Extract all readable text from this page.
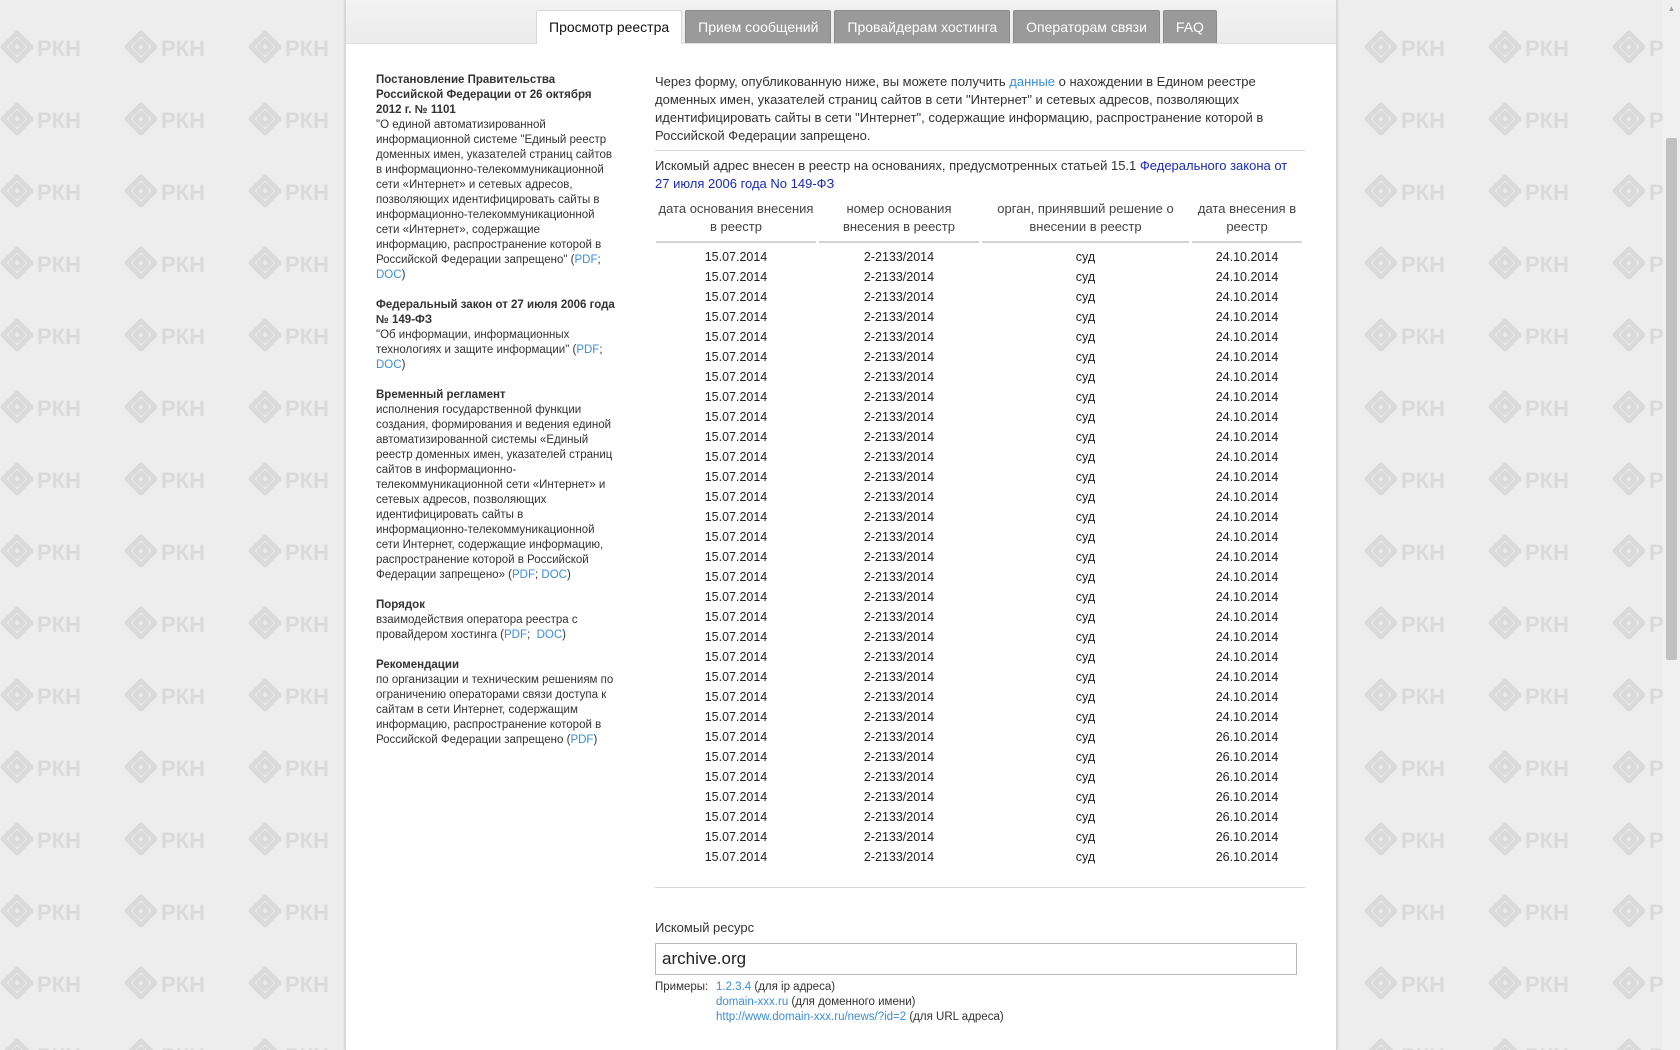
Просмотр реестра	Прием сообщений	Провайдерам хостинга	Операторам связи	FAQ
Постановление Правительства Российской Федерации от 26 октября 2012 г. № 1101
"О единой автоматизированной информационной системе "Единый реестр доменных имен, указателей страниц сайтов в информационно-телекоммуникационной сети «Интернет» и сетевых адресов, позволяющих идентифицировать сайты в информационно-телекоммуникационной сети «Интернет», содержащие информацию, распространение которой в Российской Федерации запрещено" (PDF; DOC)
Федеральный закон от 27 июля 2006 года № 149-ФЗ
"Об информации, информационных технологиях и защите информации" (PDF; DOC)
Временный регламент
исполнения государственной функции создания, формирования и ведения единой автоматизированной системы «Единый реестр доменных имен, указателей страниц сайтов в информационно-телекоммуникационной сети «Интернет» и сетевых адресов, позволяющих идентифицировать сайты в информационно-телекоммуникационной сети Интернет, содержащие информацию, распространение которой в Российской Федерации запрещено» (PDF; DOC)
Порядок
взаимодействия оператора реестра с провайдером хостинга (PDF;  DOC)
Рекомендации
по организации и техническим решениям по ограничению операторами связи доступа к сайтам в сети Интернет, содержащим информацию, распространение которой в Российской Федерации запрещено (PDF)

Через форму, опубликованную ниже, вы можете получить данные о нахождении в Едином реестре доменных имен, указателей страниц сайтов в сети "Интернет" и сетевых адресов, позволяющих идентифицировать сайты в сети "Интернет", содержащие информацию, распространение которой в Российской Федерации запрещено.

Искомый адрес внесен в реестр на основаниях, предусмотренных статьей 15.1 Федерального закона от 27 июля 2006 года No 149-ФЗ

дата основания внесения в реестр	номер основания внесения в реестр	орган, принявший решение о внесении в реестр	дата внесения в реестр
15.07.2014	2-2133/2014	суд	24.10.2014
15.07.2014	2-2133/2014	суд	24.10.2014
15.07.2014	2-2133/2014	суд	24.10.2014
15.07.2014	2-2133/2014	суд	24.10.2014
15.07.2014	2-2133/2014	суд	24.10.2014
15.07.2014	2-2133/2014	суд	24.10.2014
15.07.2014	2-2133/2014	суд	24.10.2014
15.07.2014	2-2133/2014	суд	24.10.2014
15.07.2014	2-2133/2014	суд	24.10.2014
15.07.2014	2-2133/2014	суд	24.10.2014
15.07.2014	2-2133/2014	суд	24.10.2014
15.07.2014	2-2133/2014	суд	24.10.2014
15.07.2014	2-2133/2014	суд	24.10.2014
15.07.2014	2-2133/2014	суд	24.10.2014
15.07.2014	2-2133/2014	суд	24.10.2014
15.07.2014	2-2133/2014	суд	24.10.2014
15.07.2014	2-2133/2014	суд	24.10.2014
15.07.2014	2-2133/2014	суд	24.10.2014
15.07.2014	2-2133/2014	суд	24.10.2014
15.07.2014	2-2133/2014	суд	24.10.2014
15.07.2014	2-2133/2014	суд	24.10.2014
15.07.2014	2-2133/2014	суд	24.10.2014
15.07.2014	2-2133/2014	суд	24.10.2014
15.07.2014	2-2133/2014	суд	24.10.2014
15.07.2014	2-2133/2014	суд	26.10.2014
15.07.2014	2-2133/2014	суд	26.10.2014
15.07.2014	2-2133/2014	суд	26.10.2014
15.07.2014	2-2133/2014	суд	26.10.2014
15.07.2014	2-2133/2014	суд	26.10.2014
15.07.2014	2-2133/2014	суд	26.10.2014
15.07.2014	2-2133/2014	суд	26.10.2014
Искомый ресурс
archive.org
Примеры: 1.2.3.4 (для ip адреса)
domain-xxx.ru (для доменного имени)
http://www.domain-xxx.ru/news/?id=2 (для URL адреса)
▲
